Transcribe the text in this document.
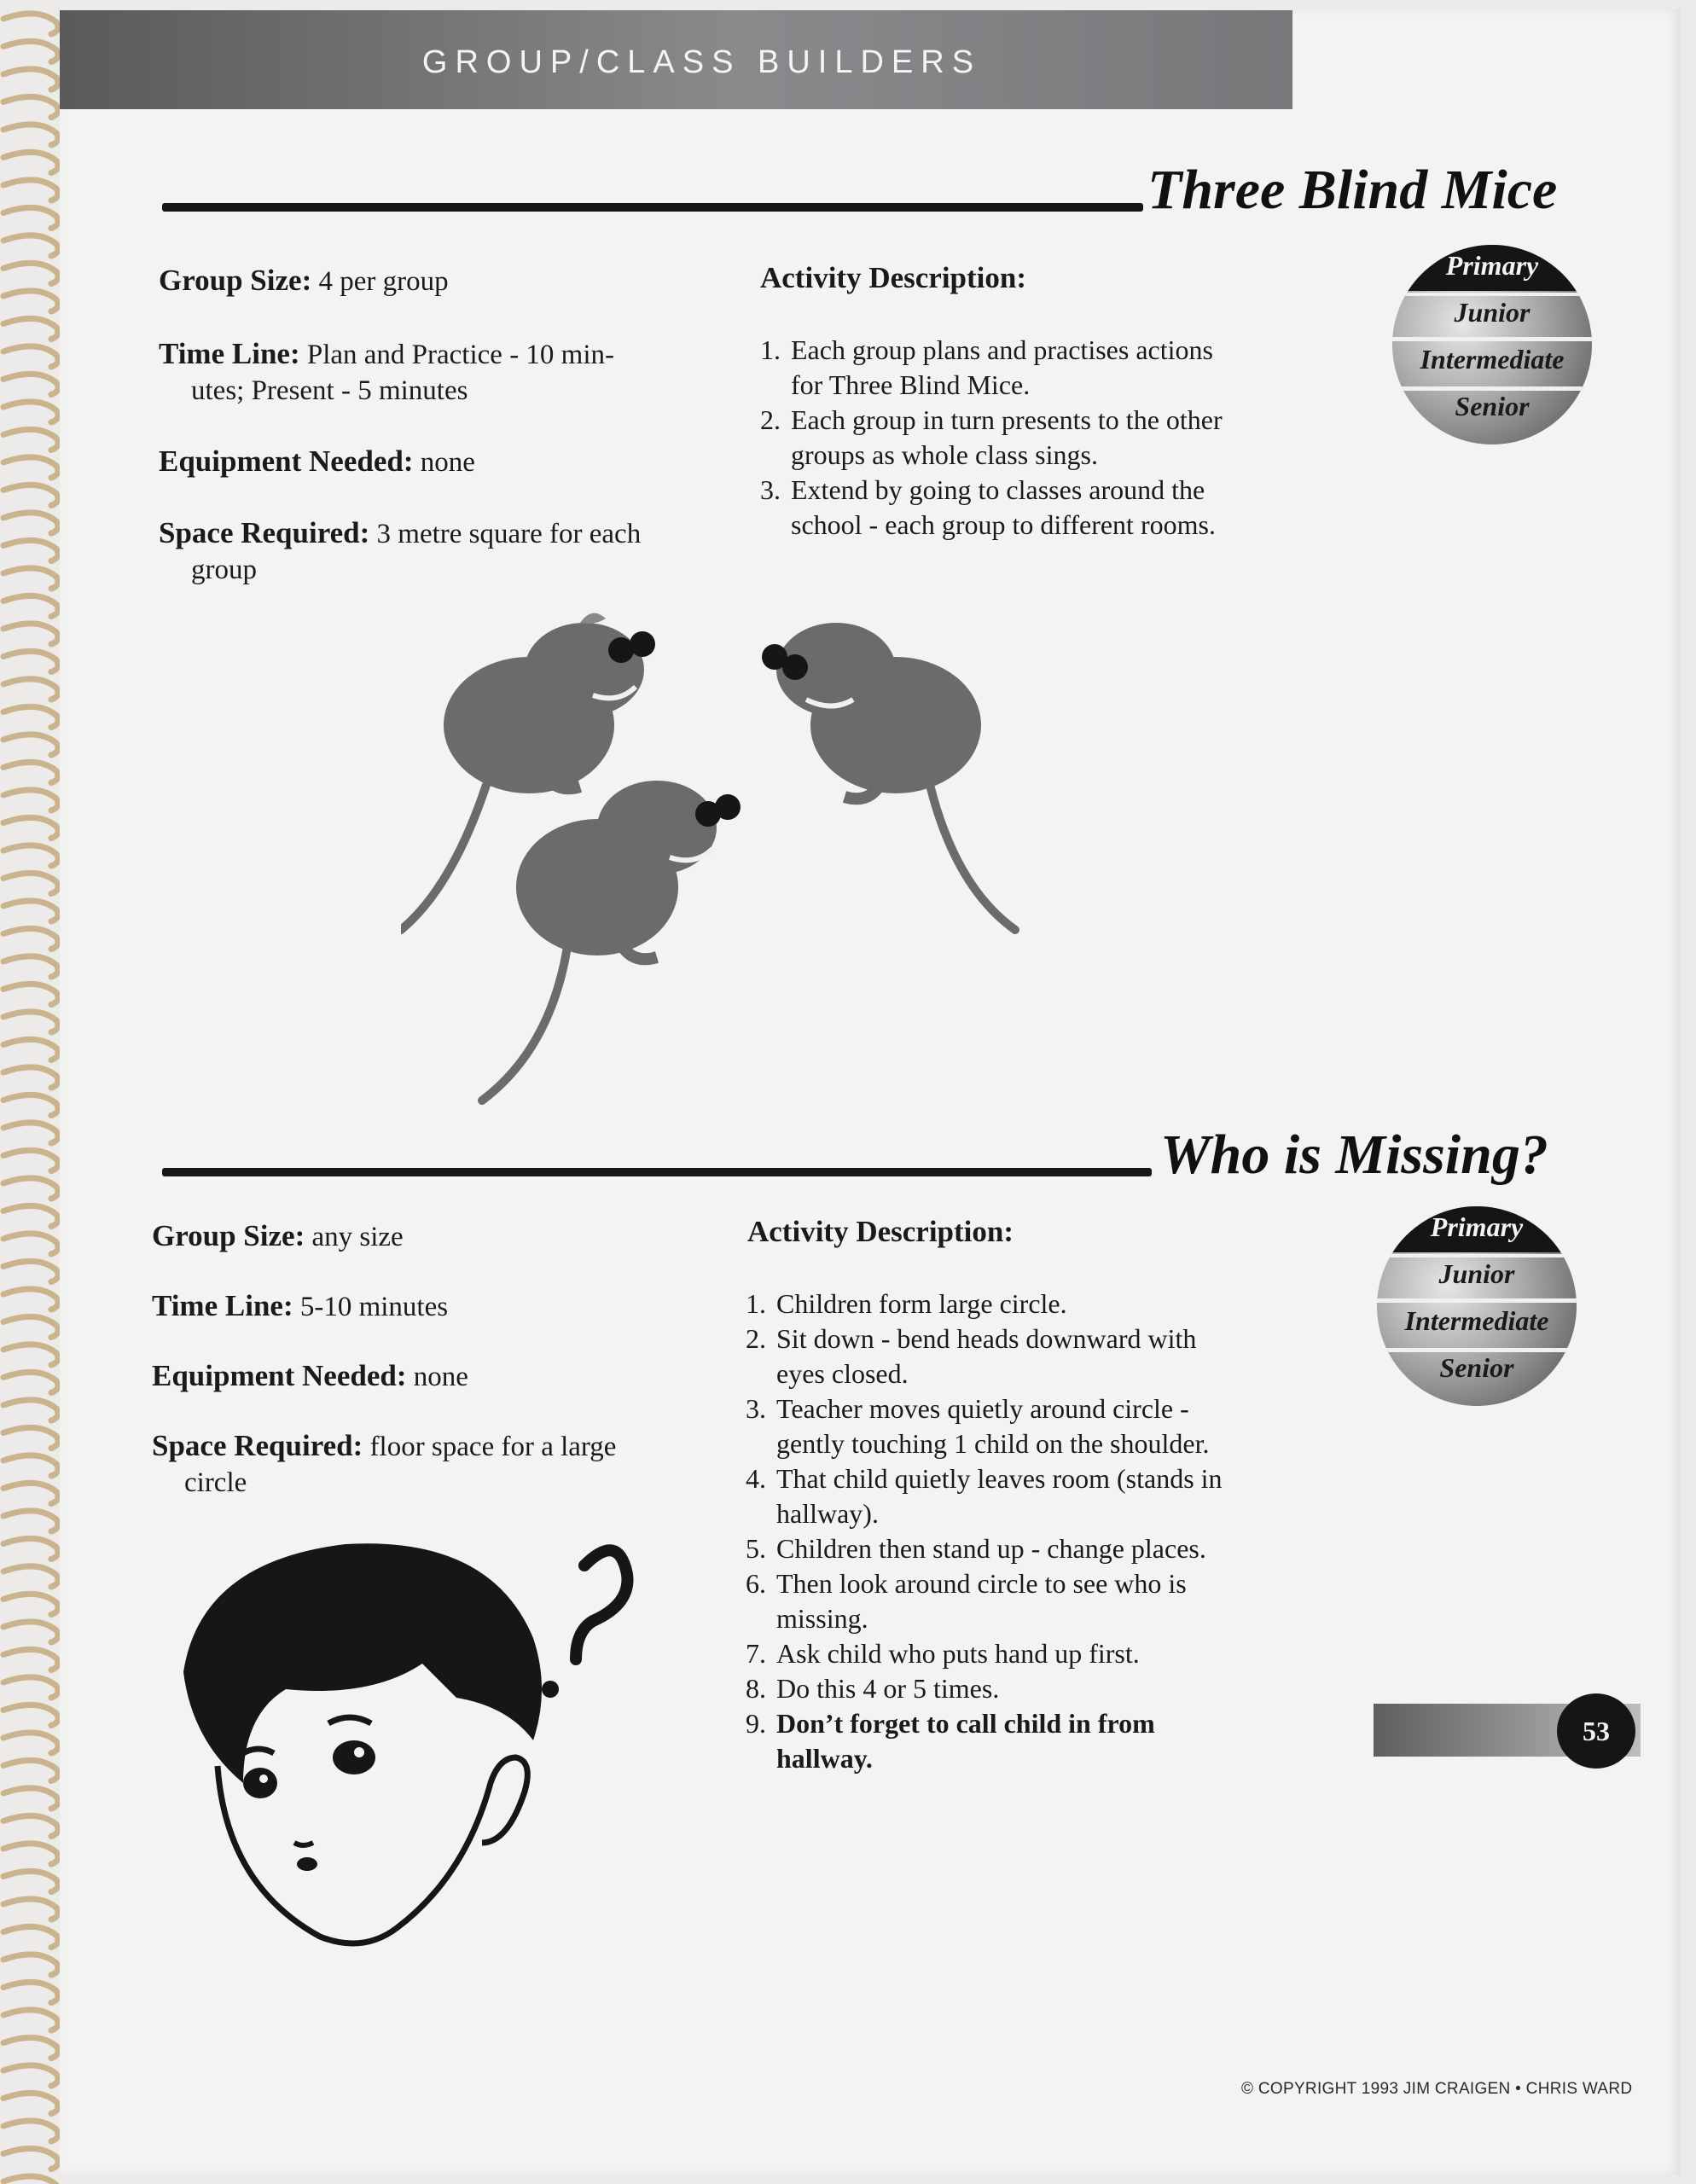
GROUP/CLASS BUILDERS
Three Blind Mice
Group Size: 4 per group
Time Line: Plan and Practice - 10 min-
utes; Present - 5 minutes
Equipment Needed: none
Space Required: 3 metre square for each
group
Activity Description:
1. Each group plans and practises actions
for Three Blind Mice.
2. Each group in turn presents to the other
groups as whole class sings.
3. Extend by going to classes around the
school - each group to different rooms.
Primary
Junior
Intermediate
Senior
Who is Missing?
Group Size: any size
Time Line: 5-10 minutes
Equipment Needed: none
Space Required: floor space for a large
circle
Activity Description:
1. Children form large circle.
2. Sit down - bend heads downward with
eyes closed.
3. Teacher moves quietly around circle -
gently touching 1 child on the shoulder.
4. That child quietly leaves room (stands in
hallway).
5. Children then stand up - change places.
6. Then look around circle to see who is
missing.
7. Ask child who puts hand up first.
8. Do this 4 or 5 times.
9. Don’t forget to call child in from
hallway.
Primary
Junior
Intermediate
Senior
53
© COPYRIGHT 1993 JIM CRAIGEN • CHRIS WARD
